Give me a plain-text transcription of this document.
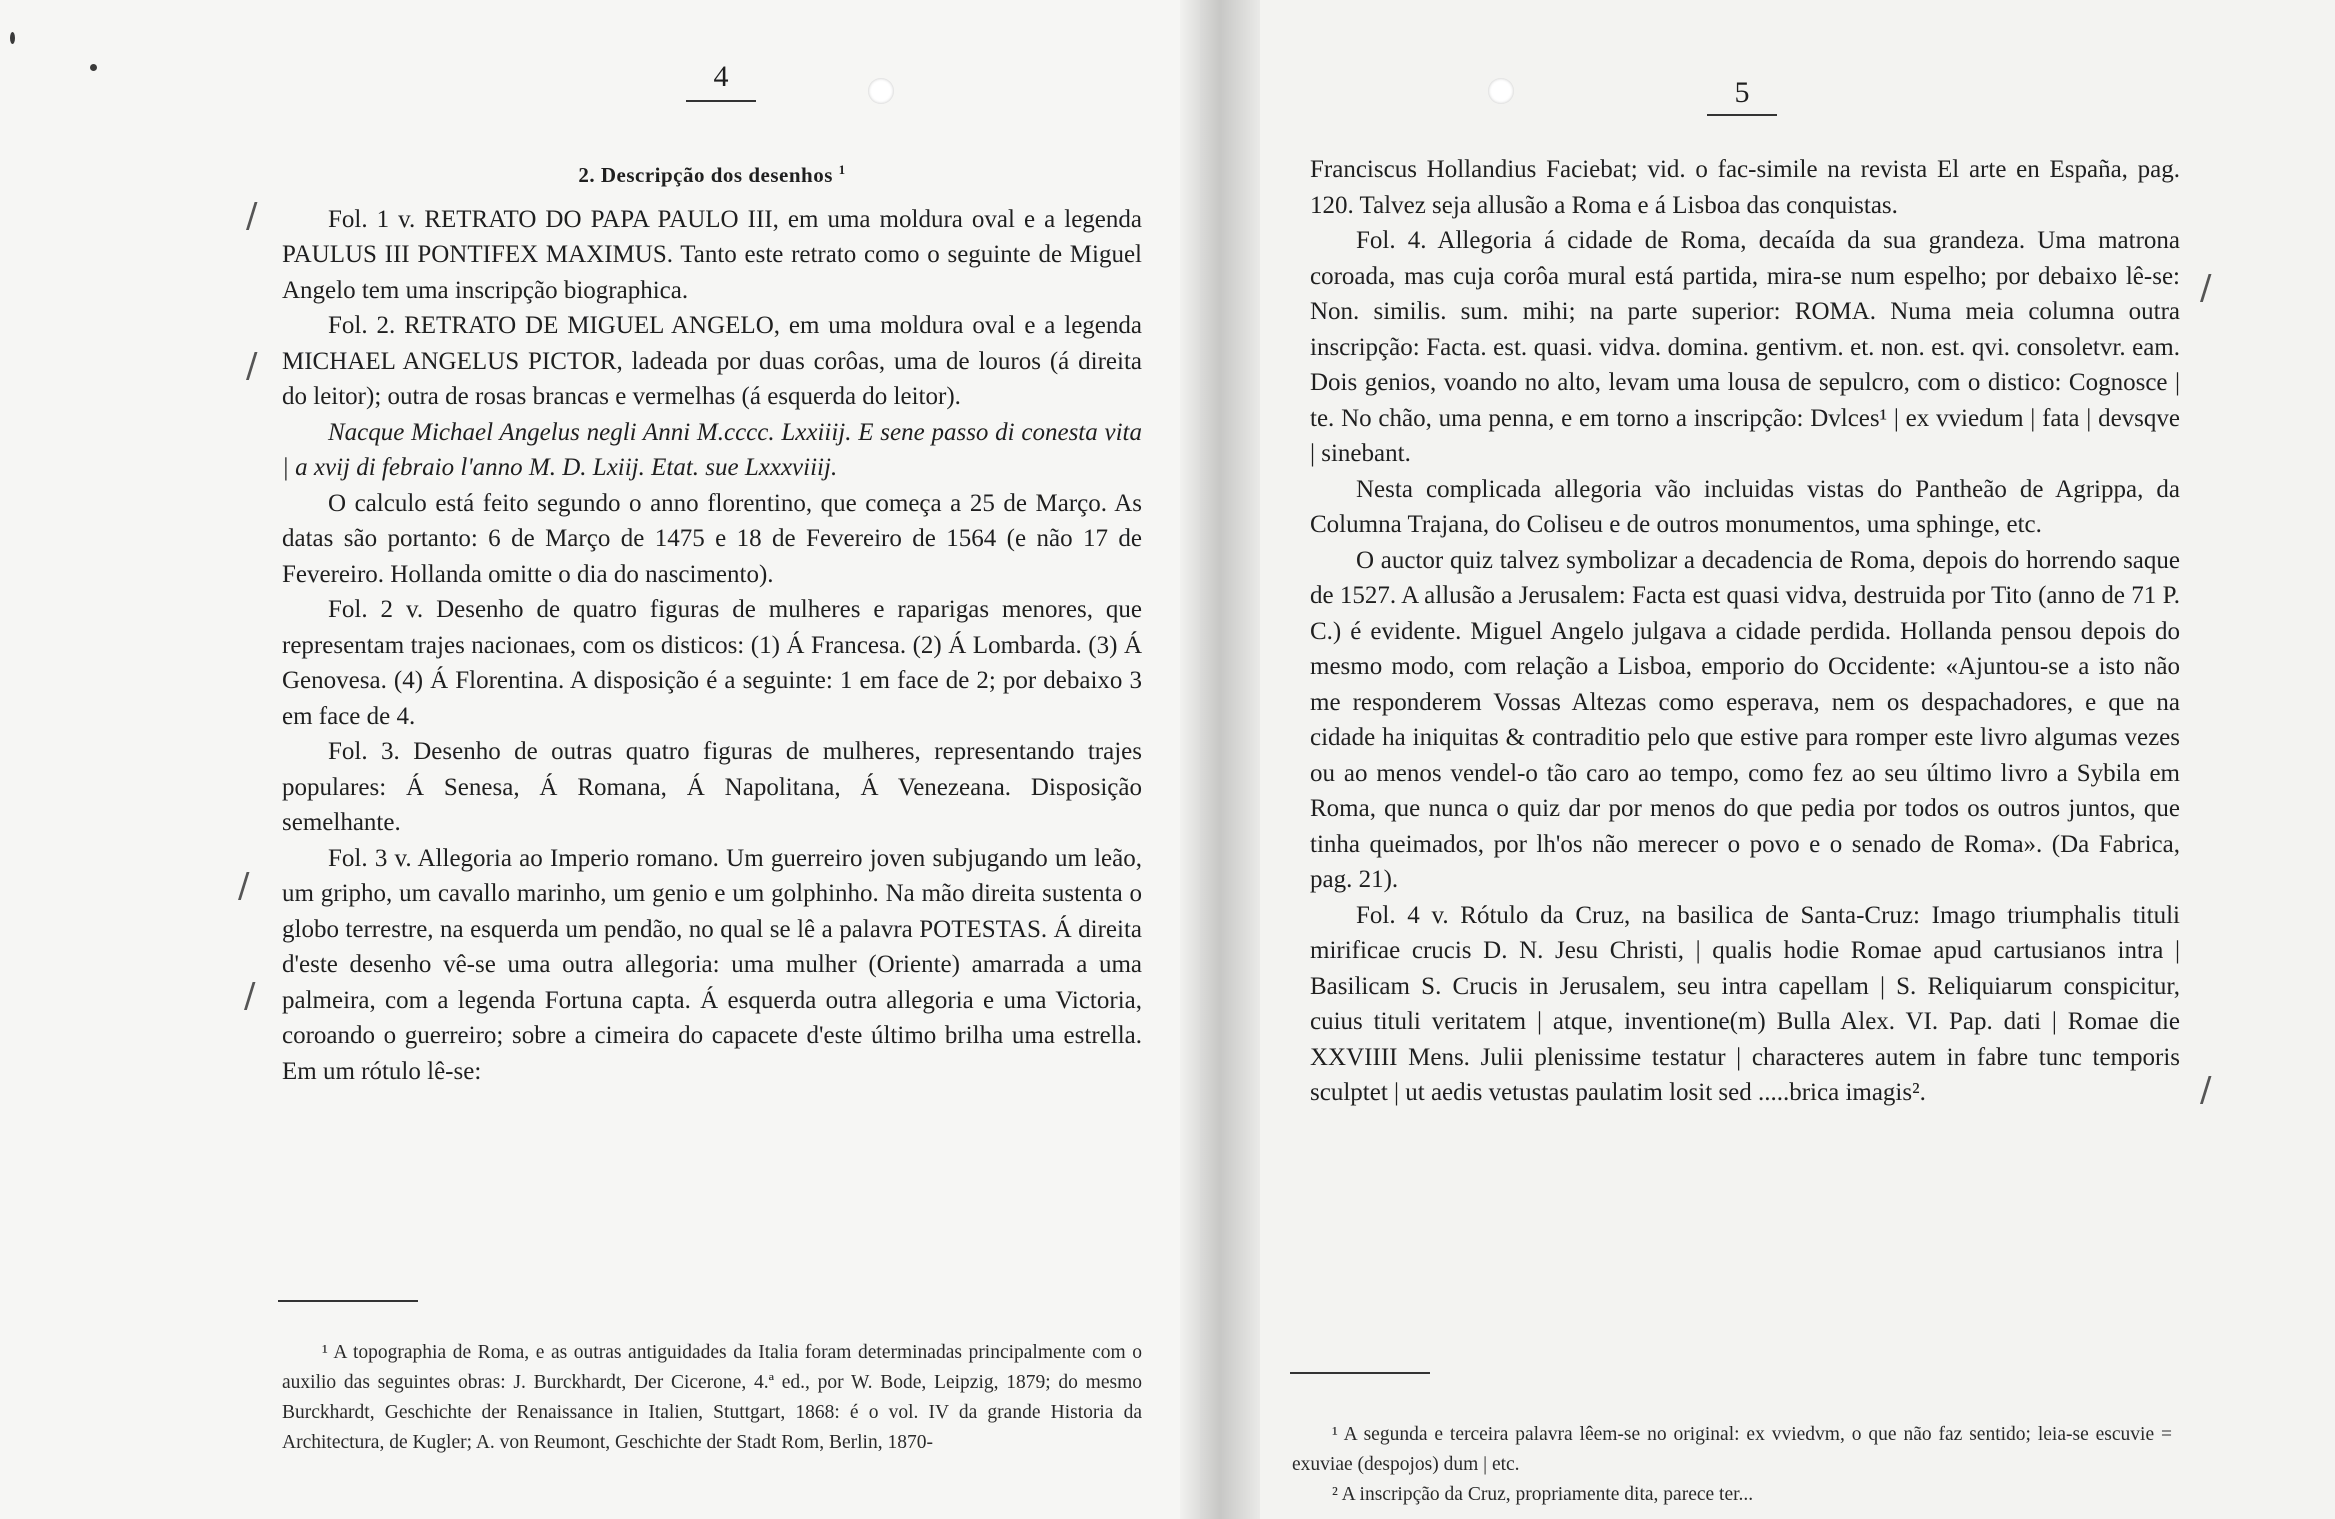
4
/
/
/
/
2. Descripção dos desenhos $^1$

Fol. 1 v. RETRATO DO PAPA PAULO III, em uma moldura oval e a legenda PAULUS III PONTIFEX MAXIMUS. Tanto este retrato como o seguinte de Miguel Angelo tem uma inscripção biographica.

Fol. 2. RETRATO DE MIGUEL ANGELO, em uma moldura oval e a legenda MICHAEL ANGELUS PICTOR, ladeada por duas corôas, uma de louros (á direita do leitor); outra de rosas brancas e vermelhas (á esquerda do leitor).

Nacque Michael Angelus negli Anni M.cccc. Lxxiiij. E sene passo di conesta vita | a xvij di febraio l'anno M. D. Lxiij. Etat. sue Lxxxviiij.

O calculo está feito segundo o anno florentino, que começa a 25 de Março. As datas são portanto: 6 de Março de 1475 e 18 de Fevereiro de 1564 (e não 17 de Fevereiro. Hollanda omitte o dia do nascimento).

Fol. 2 v. Desenho de quatro figuras de mulheres e raparigas menores, que representam trajes nacionaes, com os disticos: (1) Á Francesa. (2) Á Lombarda. (3) Á Genovesa. (4) Á Florentina. A disposição é a seguinte: 1 em face de 2; por debaixo 3 em face de 4.

Fol. 3. Desenho de outras quatro figuras de mulheres, representando trajes populares: Á Senesa, Á Romana, Á Napolitana, Á Venezeana. Disposição semelhante.

Fol. 3 v. Allegoria ao Imperio romano. Um guerreiro joven subjugando um leão, um gripho, um cavallo marinho, um genio e um golphinho. Na mão direita sustenta o globo terrestre, na esquerda um pendão, no qual se lê a palavra POTESTAS. Á direita d'este desenho vê-se uma outra allegoria: uma mulher (Oriente) amarrada a uma palmeira, com a legenda Fortuna capta. Á esquerda outra allegoria e uma Victoria, coroando o guerreiro; sobre a cimeira do capacete d'este último brilha uma estrella. Em um rótulo lê-se:

¹ A topographia de Roma, e as outras antiguidades da Italia foram determinadas principalmente com o auxilio das seguintes obras: J. Burckhardt, Der Cicerone, 4.ª ed., por W. Bode, Leipzig, 1879; do mesmo Burckhardt, Geschichte der Renaissance in Italien, Stuttgart, 1868: é o vol. IV da grande Historia da Architectura, de Kugler; A. von Reumont, Geschichte der Stadt Rom, Berlin, 1870-

5
/
/

Franciscus Hollandius Faciebat; vid. o fac-simile na revista El arte en España, pag. 120. Talvez seja allusão a Roma e á Lisboa das conquistas.

Fol. 4. Allegoria á cidade de Roma, decaída da sua grandeza. Uma matrona coroada, mas cuja corôa mural está partida, mira-se num espelho; por debaixo lê-se: Non. similis. sum. mihi; na parte superior: ROMA. Numa meia columna outra inscripção: Facta. est. quasi. vidva. domina. gentivm. et. non. est. qvi. consoletvr. eam. Dois genios, voando no alto, levam uma lousa de sepulcro, com o distico: Cognosce | te. No chão, uma penna, e em torno a inscripção: Dvlces¹ | ex vviedum | fata | devsqve | sinebant.

Nesta complicada allegoria vão incluidas vistas do Pantheão de Agrippa, da Columna Trajana, do Coliseu e de outros monumentos, uma sphinge, etc.

O auctor quiz talvez symbolizar a decadencia de Roma, depois do horrendo saque de 1527. A allusão a Jerusalem: Facta est quasi vidva, destruida por Tito (anno de 71 P. C.) é evidente. Miguel Angelo julgava a cidade perdida. Hollanda pensou depois do mesmo modo, com relação a Lisboa, emporio do Occidente: «Ajuntou-se a isto não me responderem Vossas Altezas como esperava, nem os despachadores, e que na cidade ha iniquitas & contraditio pelo que estive para romper este livro algumas vezes ou ao menos vendel-o tão caro ao tempo, como fez ao seu último livro a Sybila em Roma, que nunca o quiz dar por menos do que pedia por todos os outros juntos, que tinha queimados, por lh'os não merecer o povo e o senado de Roma». (Da Fabrica, pag. 21).

Fol. 4 v. Rótulo da Cruz, na basilica de Santa-Cruz: Imago triumphalis tituli mirificae crucis D. N. Jesu Christi, | qualis hodie Romae apud cartusianos intra | Basilicam S. Crucis in Jerusalem, seu intra capellam | S. Reliquiarum conspicitur, cuius tituli veritatem | atque, inventione(m) Bulla Alex. VI. Pap. dati | Romae die XXVIIII Mens. Julii plenissime testatur | characteres autem in fabre tunc temporis sculptet | ut aedis vetustas paulatim losit sed .....brica imagis².

¹ A segunda e terceira palavra lêem-se no original: ex vviedvm, o que não faz sentido; leia-se escuvie = exuviae (despojos) dum | etc.

² A inscripção da Cruz, propriamente dita, parece ter...
